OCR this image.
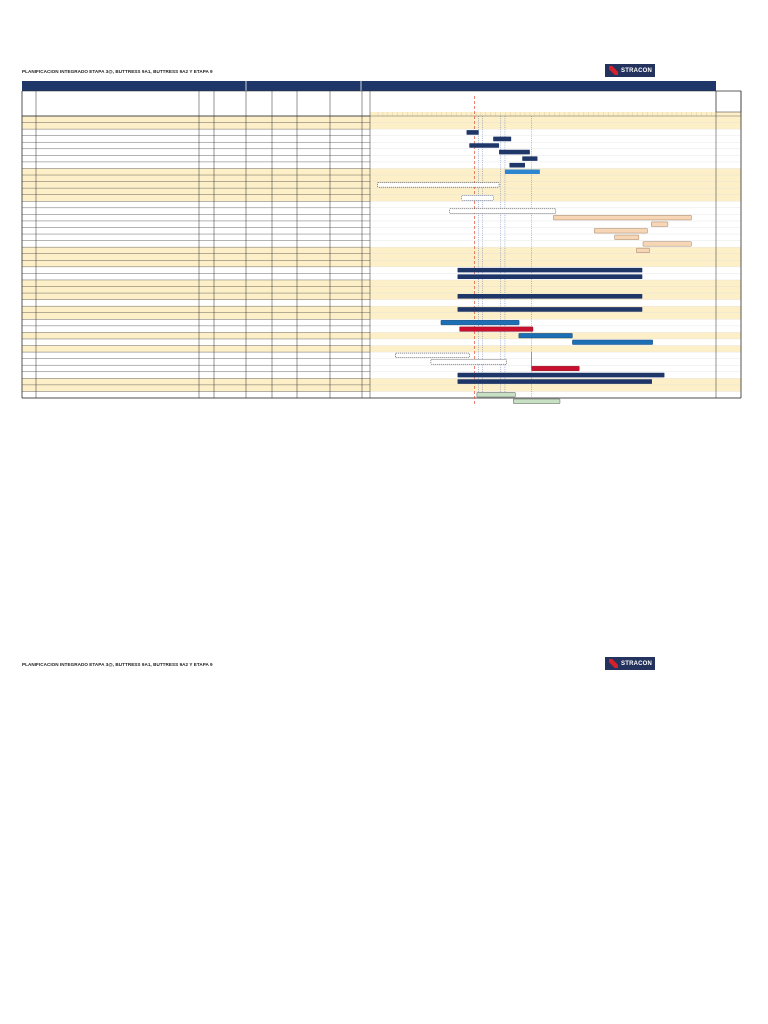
PLANIFICACION INTEGRADO ETAPA 3@, BUTTRESS 9A1, BUTTRESS 9A2 Y ETAPA 9	STRACON
PLANIFICACION INTEGRADO ETAPA 3@, BUTTRESS 9A1, BUTTRESS 9A2 Y ETAPA 9	STRACON
